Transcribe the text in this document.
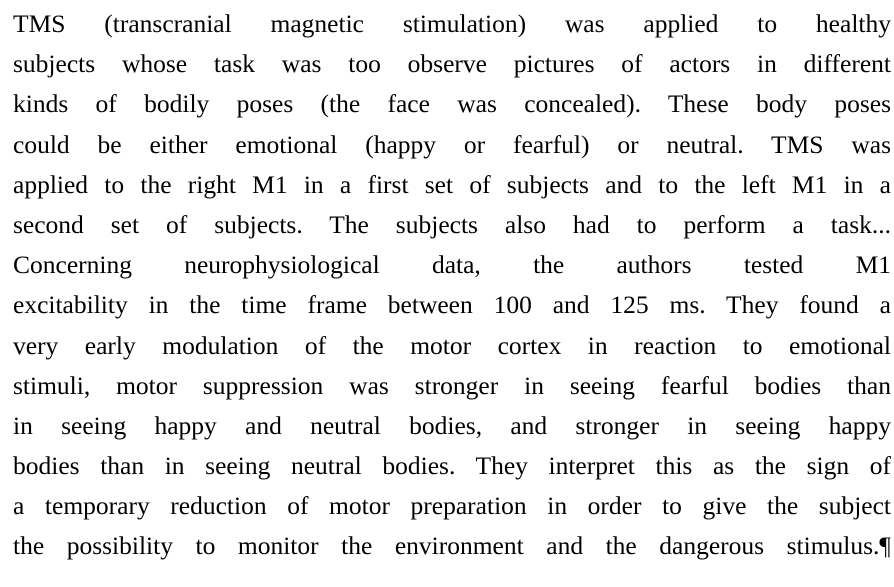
TMS (transcranial magnetic stimulation) was applied to healthy
subjects whose task was too observe pictures of actors in different
kinds of bodily poses (the face was concealed). These body poses
could be either emotional (happy or fearful) or neutral. TMS was
applied to the right M1 in a first set of subjects and to the left M1 in a
second set of subjects. The subjects also had to perform a task...
Concerning neurophysiological data, the authors tested M1
excitability in the time frame between 100 and 125 ms. They found a
very early modulation of the motor cortex in reaction to emotional
stimuli, motor suppression was stronger in seeing fearful bodies than
in seeing happy and neutral bodies, and stronger in seeing happy
bodies than in seeing neutral bodies. They interpret this as the sign of
a temporary reduction of motor preparation in order to give the subject
the possibility to monitor the environment and the dangerous stimulus.¶
